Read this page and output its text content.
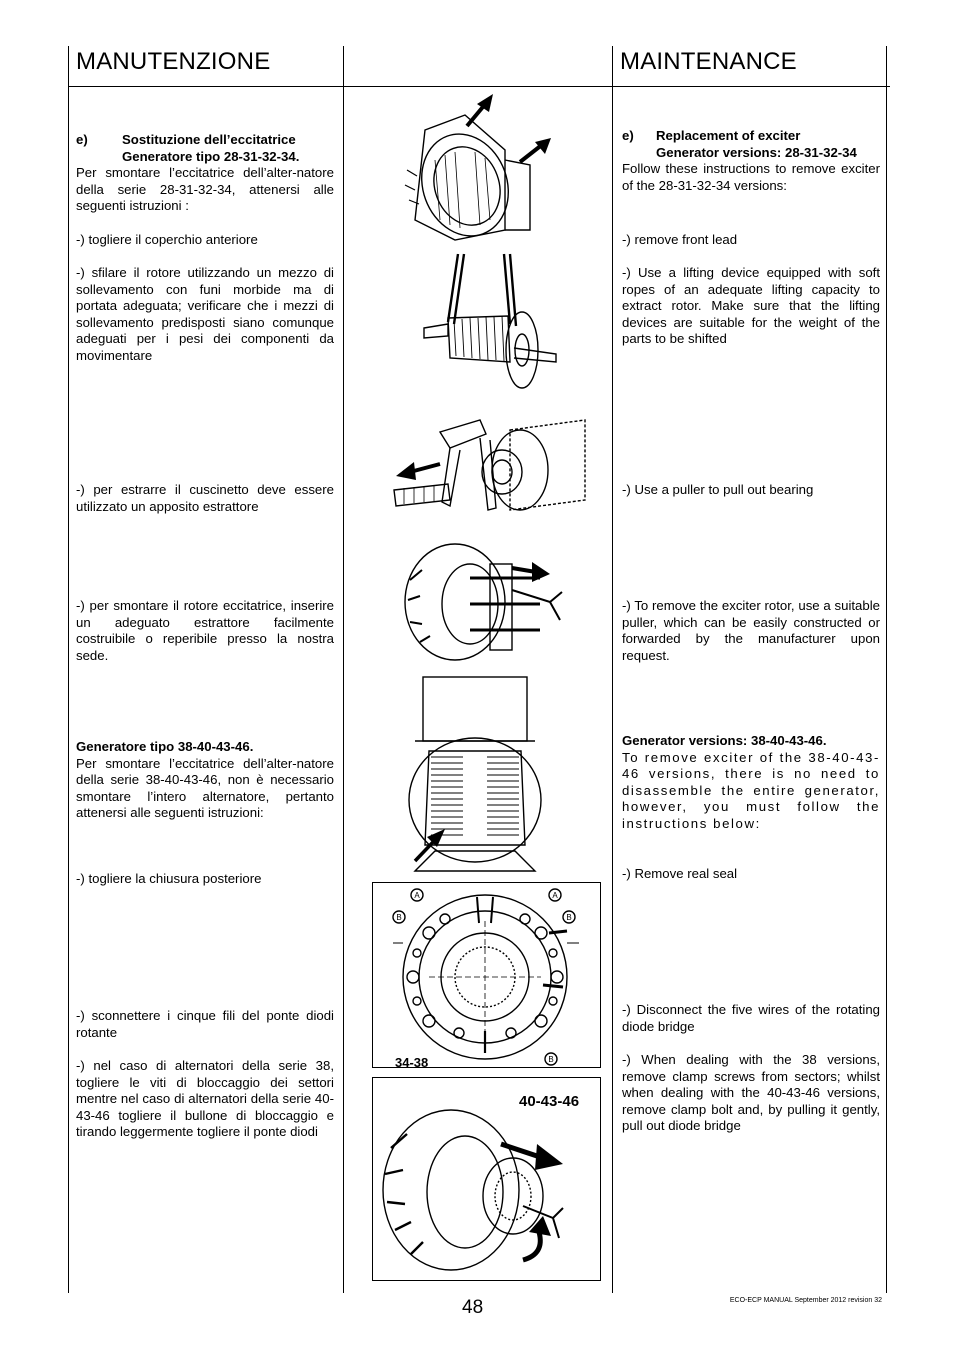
MANUTENZIONE	MAINTENANCE
e)	Sostituzione dell’eccitatrice
Generatore tipo 28-31-32-34.
Per smontare l’eccitatrice dell’alter-natore della serie 28-31-32-34, attenersi alle seguenti istruzioni :
-) togliere il coperchio anteriore
-) sfilare il rotore utilizzando un mezzo di sollevamento con funi morbide ma di portata adeguata; verificare che i mezzi di sollevamento predisposti siano comunque adeguati per i pesi dei componenti da movimentare
-) per estrarre il cuscinetto deve essere utilizzato un apposito estrattore
-) per smontare il rotore eccitatrice, inserire un adeguato estrattore facilmente costruibile o reperibile presso la nostra sede.
Generatore tipo 38-40-43-46.
Per smontare l’eccitatrice dell’alter-natore della serie 38-40-43-46, non è necessario smontare l’intero alternatore, pertanto attenersi alle seguenti istruzioni:
-) togliere la chiusura posteriore
-) sconnettere i cinque fili del ponte diodi rotante
-) nel caso di alternatori della serie 38, togliere le viti di bloccaggio dei settori mentre nel caso di alternatori della serie 40-43-46 togliere il bullone di bloccaggio e tirando leggermente togliere il ponte diodi
e)	Replacement of exciter
Generator versions: 28-31-32-34
Follow these instructions to remove exciter of the 28-31-32-34 versions:
-) remove front lead
-) Use a lifting device equipped with soft ropes of an adequate lifting capacity to extract rotor. Make sure that the lifting devices are suitable for the weight of the parts to be shifted
-) Use a puller to pull out bearing
-) To remove the exciter rotor, use a suitable puller, which can be easily constructed or forwarded by the manufacturer upon request.
Generator versions: 38-40-43-46.
To remove exciter of the 38-40-43-46 versions, there is no need to disassemble the entire generator, however, you must follow the instructions below:
-) Remove real seal
-) Disconnect the five wires of the rotating diode bridge
-) When dealing with the 38 versions, remove clamp screws from sectors; whilst when dealing with the 40-43-46 versions, remove clamp bolt and, by pulling it gently, pull out diode bridge
A	A
B	B
B
34-38
40-43-46
48	ECO-ECP MANUAL September 2012 revision 32
